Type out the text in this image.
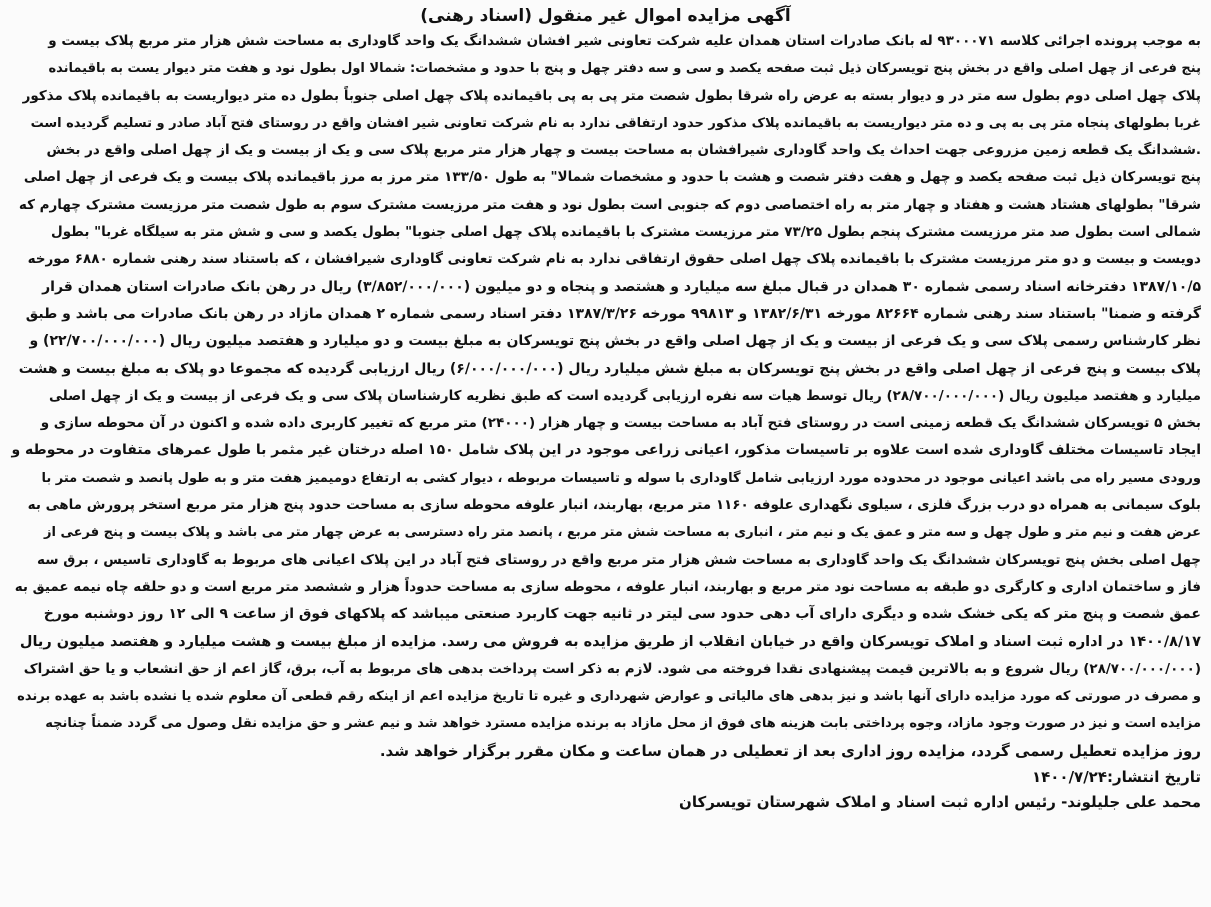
آگهی مزایده اموال غیر منقول (اسناد رهنی)

به موجب پرونده اجرائی کلاسه ۹۳۰۰۰۷۱ له بانک صادرات استان همدان علیه شرکت تعاونی شیر افشان ششدانگ یک واحد گاوداری به مساحت شش هزار متر مربع پلاک بیست و
پنج فرعی از چهل اصلی واقع در بخش پنج تویسرکان ذیل ثبت صفحه یکصد و سی و سه دفتر چهل و پنج با حدود و مشخصات: شمالا اول بطول نود و هفت متر دیوار یست به باقیمانده
پلاک چهل اصلی دوم بطول سه متر در و دیوار بسته به عرض راه شرقا بطول شصت متر پی به پی باقیمانده پلاک چهل اصلی جنوباً بطول ده متر دیواریست به باقیمانده پلاک مذکور
غربا بطولهای پنجاه متر پی به پی و ده متر دیواریست به باقیمانده پلاک مذکور حدود ارتفاقی ندارد به نام شرکت تعاونی شیر افشان واقع در روستای فتح آباد صادر و تسلیم گردیده است
.ششدانگ یک قطعه زمین مزروعی جهت احداث یک واحد گاوداری شیرافشان به مساحت بیست و چهار هزار متر مربع پلاک سی و یک از بیست و یک از چهل اصلی واقع در بخش
پنج تویسرکان ذیل ثبت صفحه یکصد و چهل و هفت دفتر شصت و هشت با حدود و مشخصات شمالا" به طول ۱۳۳/۵۰ متر مرز به مرز باقیمانده پلاک بیست و یک فرعی از چهل اصلی
شرقا" بطولهای هشتاد هشت و هفتاد و چهار متر به راه اختصاصی دوم که جنوبی است بطول نود و هفت متر مرزیست مشترک سوم به طول شصت متر مرزیست مشترک چهارم که
شمالی است بطول صد متر مرزیست مشترک پنجم بطول ۷۳/۲۵ متر مرزیست مشترک با باقیمانده پلاک چهل اصلی جنوبا" بطول یکصد و سی و شش متر به سیلگاه غربا" بطول
دویست و بیست و دو متر مرزیست مشترک با باقیمانده پلاک چهل اصلی حقوق ارتفاقی ندارد به نام شرکت تعاونی گاوداری شیرافشان ، که باستناد سند رهنی شماره ۶۸۸۰ مورخه
۱۳۸۷/۱۰/۵ دفترخانه اسناد رسمی شماره ۳۰ همدان در قبال مبلغ سه میلیارد و هشتصد و پنجاه و دو میلیون (۳/۸۵۲/۰۰۰/۰۰۰) ریال در رهن بانک صادرات استان همدان قرار
گرفته و ضمنا" باستناد سند رهنی شماره ۸۲۶۶۴ مورخه ۱۳۸۲/۶/۳۱ و ۹۹۸۱۳ مورخه ۱۳۸۷/۳/۲۶ دفتر اسناد رسمی شماره ۲ همدان مازاد در رهن بانک صادرات می باشد و طبق
نظر کارشناس رسمی پلاک سی و یک فرعی از بیست و یک از چهل اصلی واقع در بخش پنج تویسرکان به مبلغ بیست و دو میلیارد و هفتصد میلیون ریال (۲۲/۷۰۰/۰۰۰/۰۰۰) و
پلاک بیست و پنج فرعی از چهل اصلی واقع در بخش پنج تویسرکان به مبلغ شش میلیارد ریال (۶/۰۰۰/۰۰۰/۰۰۰) ریال ارزیابی گردیده که مجموعا دو پلاک به مبلغ بیست و هشت
میلیارد و هفتصد میلیون ریال (۲۸/۷۰۰/۰۰۰/۰۰۰) ریال توسط هیات سه نفره ارزیابی گردیده است که طبق نظریه کارشناسان پلاک سی و یک فرعی از بیست و یک از چهل اصلی
بخش ۵ تویسرکان ششدانگ یک قطعه زمینی است در روستای فتح آباد به مساحت بیست و چهار هزار (۲۴۰۰۰) متر مربع که تغییر کاربری داده شده و اکنون در آن محوطه سازی و
ایجاد تاسیسات مختلف گاوداری شده است علاوه بر تاسیسات مذکور، اعیانی زراعی موجود در این پلاک شامل ۱۵۰ اصله درختان غیر مثمر با طول عمرهای متفاوت در محوطه و
ورودی مسیر راه می باشد اعیانی موجود در محدوده مورد ارزیابی شامل گاوداری با سوله و تاسیسات مربوطه ، دیوار کشی به ارتفاع دومیمیز هفت متر و به طول پانصد و شصت متر با
بلوک سیمانی به همراه دو درب بزرگ فلزی ، سیلوی نگهداری علوفه ۱۱۶۰ متر مربع، بهاربند، انبار علوفه محوطه سازی به مساحت حدود پنج هزار متر مربع استخر پرورش ماهی به
عرض هفت و نیم متر و طول چهل و سه متر و عمق یک و نیم متر ، انباری به مساحت شش متر مربع ، پانصد متر راه دسترسی به عرض چهار متر می باشد و پلاک بیست و پنج فرعی از
چهل اصلی بخش پنج تویسرکان ششدانگ یک واحد گاوداری به مساحت شش هزار متر مربع واقع در روستای فتح آباد در این پلاک اعیانی های مربوط به گاوداری تاسیس ، برق سه
فاز و ساختمان اداری و کارگری دو طبقه به مساحت نود متر مربع و بهاربند، انبار علوفه ، محوطه سازی به مساحت حدوداً هزار و ششصد متر مربع است و دو حلقه چاه نیمه عمیق به
عمق شصت و پنج متر که یکی خشک شده و دیگری دارای آب دهی حدود سی لیتر در ثانیه جهت کاربرد صنعتی میباشد که پلاکهای فوق از ساعت ۹ الی ۱۲ روز دوشنبه مورخ
۱۴۰۰/۸/۱۷ در اداره ثبت اسناد و املاک تویسرکان واقع در خیابان انقلاب از طریق مزایده به فروش می رسد. مزایده از مبلغ بیست و هشت میلیارد و هفتصد میلیون ریال
(۲۸/۷۰۰/۰۰۰/۰۰۰) ریال شروع و به بالاترین قیمت پیشنهادی نقدا فروخته می شود. لازم به ذکر است پرداخت بدهی های مربوط به آب، برق، گاز اعم از حق انشعاب و یا حق اشتراک
و مصرف در صورتی که مورد مزایده دارای آنها باشد و نیز بدهی های مالیاتی و عوارض شهرداری و غیره تا تاریخ مزایده اعم از اینکه رقم قطعی آن معلوم شده یا نشده باشد به عهده برنده
مزایده است و نیز در صورت وجود مازاد، وجوه پرداختی بابت هزینه های فوق از محل مازاد به برنده مزایده مسترد خواهد شد و نیم عشر و حق مزایده نقل وصول می گردد ضمناً چنانچه
روز مزایده تعطیل رسمی گردد، مزایده روز اداری بعد از تعطیلی در همان ساعت و مکان مقرر برگزار خواهد شد.

تاریخ انتشار:۱۴۰۰/۷/۲۴
محمد علی جلیلوند- رئیس اداره ثبت اسناد و املاک شهرستان تویسرکان
